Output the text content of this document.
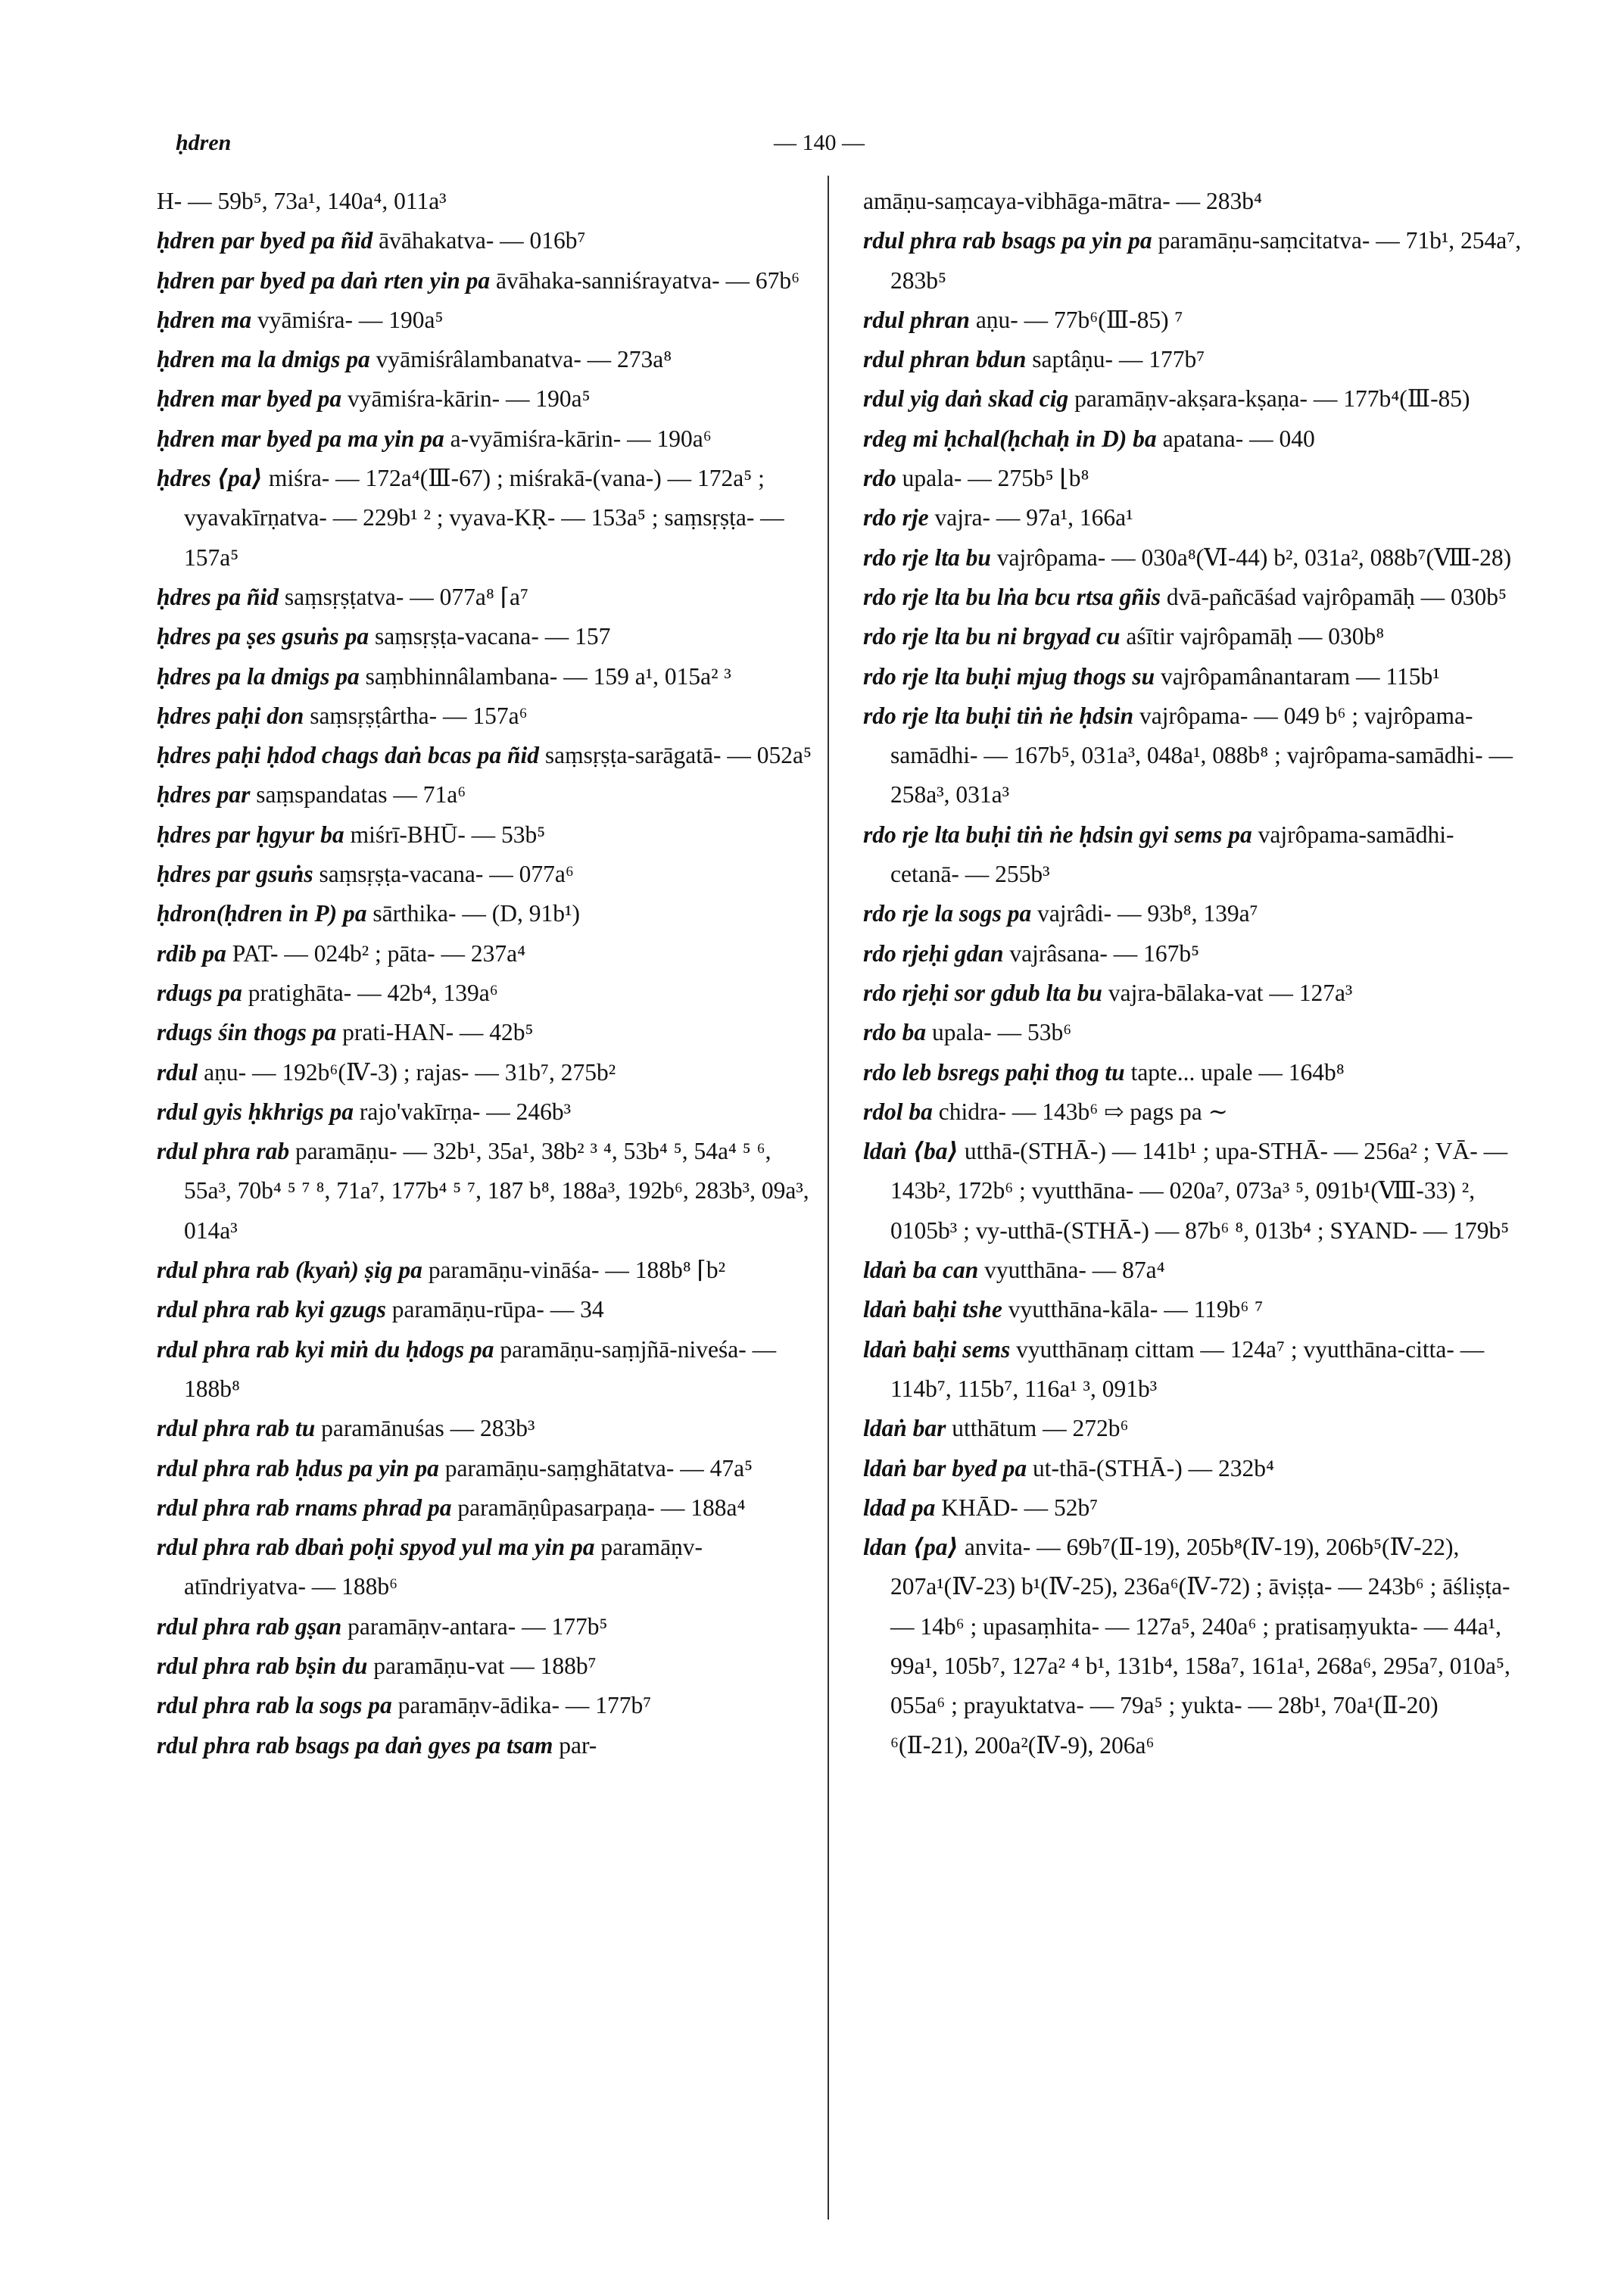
ḥdren	— 140 —
H- — 59b⁵, 73a¹, 140a⁴, 011a³
ḥdren par byed pa ñid āvāhakatva- — 016b⁷
ḥdren par byed pa daṅ rten yin pa āvāhaka-sanniśrayatva- — 67b⁶
ḥdren ma vyāmiśra- — 190a⁵
ḥdren ma la dmigs pa vyāmiśrâlambanatva- — 273a⁸
ḥdren mar byed pa vyāmiśra-kārin- — 190a⁵
ḥdren mar byed pa ma yin pa a-vyāmiśra-kārin- — 190a⁶
ḥdres ⟨pa⟩ miśra- — 172a⁴(Ⅲ-67) ; miśrakā-(vana-) — 172a⁵ ; vyavakīrṇatva- — 229b¹ ² ; vyava-KṚ- — 153a⁵ ; saṃsṛṣṭa- — 157a⁵
ḥdres pa ñid saṃsṛṣṭatva- — 077a⁸ ⌈a⁷
ḥdres pa ṣes gsuṅs pa saṃsṛṣṭa-vacana- — 157
ḥdres pa la dmigs pa saṃbhinnâlambana- — 159 a¹, 015a² ³
ḥdres paḥi don saṃsṛṣṭârtha- — 157a⁶
ḥdres paḥi ḥdod chags daṅ bcas pa ñid saṃsṛṣṭa-sarāgatā- — 052a⁵
ḥdres par saṃspandatas — 71a⁶
ḥdres par ḥgyur ba miśrī-BHŪ- — 53b⁵
ḥdres par gsuṅs saṃsṛṣṭa-vacana- — 077a⁶
ḥdron(ḥdren in P) pa sārthika- — (D, 91b¹)
rdib pa PAT- — 024b² ; pāta- — 237a⁴
rdugs pa pratighāta- — 42b⁴, 139a⁶
rdugs śin thogs pa prati-HAN- — 42b⁵
rdul aṇu- — 192b⁶(Ⅳ-3) ; rajas- — 31b⁷, 275b²
rdul gyis ḥkhrigs pa rajo'vakīrṇa- — 246b³
rdul phra rab paramāṇu- — 32b¹, 35a¹, 38b² ³ ⁴, 53b⁴ ⁵, 54a⁴ ⁵ ⁶, 55a³, 70b⁴ ⁵ ⁷ ⁸, 71a⁷, 177b⁴ ⁵ ⁷, 187 b⁸, 188a³, 192b⁶, 283b³, 09a³, 014a³
rdul phra rab (kyaṅ) ṣig pa paramāṇu-vināśa- — 188b⁸ ⌈b²
rdul phra rab kyi gzugs paramāṇu-rūpa- — 34
rdul phra rab kyi miṅ du ḥdogs pa paramāṇu-saṃjñā-niveśa- — 188b⁸
rdul phra rab tu paramānuśas — 283b³
rdul phra rab ḥdus pa yin pa paramāṇu-saṃghātatva- — 47a⁵
rdul phra rab rnams phrad pa paramāṇûpasarpaṇa- — 188a⁴
rdul phra rab dbaṅ poḥi spyod yul ma yin pa paramāṇv-atīndriyatva- — 188b⁶
rdul phra rab gṣan paramāṇv-antara- — 177b⁵
rdul phra rab bṣin du paramāṇu-vat — 188b⁷
rdul phra rab la sogs pa paramāṇv-ādika- — 177b⁷
rdul phra rab bsags pa daṅ gyes pa tsam par-
amāṇu-saṃcaya-vibhāga-mātra- — 283b⁴
rdul phra rab bsags pa yin pa paramāṇu-saṃcitatva- — 71b¹, 254a⁷, 283b⁵
rdul phran aṇu- — 77b⁶(Ⅲ-85) ⁷
rdul phran bdun saptâṇu- — 177b⁷
rdul yig daṅ skad cig paramāṇv-akṣara-kṣaṇa- — 177b⁴(Ⅲ-85)
rdeg mi ḥchal(ḥchaḥ in D) ba apatana- — 040
rdo upala- — 275b⁵ ⌊b⁸
rdo rje vajra- — 97a¹, 166a¹
rdo rje lta bu vajrôpama- — 030a⁸(Ⅵ-44) b², 031a², 088b⁷(Ⅷ-28)
rdo rje lta bu lṅa bcu rtsa gñis dvā-pañcāśad vajrôpamāḥ — 030b⁵
rdo rje lta bu ni brgyad cu aśītir vajrôpamāḥ — 030b⁸
rdo rje lta buḥi mjug thogs su vajrôpamânantaram — 115b¹
rdo rje lta buḥi tiṅ ṅe ḥdsin vajrôpama- — 049 b⁶ ; vajrôpama- samādhi- — 167b⁵, 031a³, 048a¹, 088b⁸ ; vajrôpama-samādhi- — 258a³, 031a³
rdo rje lta buḥi tiṅ ṅe ḥdsin gyi sems pa vajrôpama-samādhi-cetanā- — 255b³
rdo rje la sogs pa vajrâdi- — 93b⁸, 139a⁷
rdo rjeḥi gdan vajrâsana- — 167b⁵
rdo rjeḥi sor gdub lta bu vajra-bālaka-vat — 127a³
rdo ba upala- — 53b⁶
rdo leb bsregs paḥi thog tu tapte... upale — 164b⁸
rdol ba chidra- — 143b⁶ ⇨ pags pa ∼
ldaṅ ⟨ba⟩ utthā-(STHĀ-) — 141b¹ ; upa-STHĀ- — 256a² ; VĀ- — 143b², 172b⁶ ; vyutthāna- — 020a⁷, 073a³ ⁵, 091b¹(Ⅷ-33) ², 0105b³ ; vy-utthā-(STHĀ-) — 87b⁶ ⁸, 013b⁴ ; SYAND- — 179b⁵
ldaṅ ba can vyutthāna- — 87a⁴
ldaṅ baḥi tshe vyutthāna-kāla- — 119b⁶ ⁷
ldaṅ baḥi sems vyutthānaṃ cittam — 124a⁷ ; vyutthāna-citta- — 114b⁷, 115b⁷, 116a¹ ³, 091b³
ldaṅ bar utthātum — 272b⁶
ldaṅ bar byed pa ut-thā-(STHĀ-) — 232b⁴
ldad pa KHĀD- — 52b⁷
ldan ⟨pa⟩ anvita- — 69b⁷(Ⅱ-19), 205b⁸(Ⅳ-19), 206b⁵(Ⅳ-22), 207a¹(Ⅳ-23) b¹(Ⅳ-25), 236a⁶(Ⅳ-72) ; āviṣṭa- — 243b⁶ ; āśliṣṭa- — 14b⁶ ; upasaṃhita- — 127a⁵, 240a⁶ ; pratisaṃyukta- — 44a¹, 99a¹, 105b⁷, 127a² ⁴ b¹, 131b⁴, 158a⁷, 161a¹, 268a⁶, 295a⁷, 010a⁵, 055a⁶ ; prayuktatva- — 79a⁵ ; yukta- — 28b¹, 70a¹(Ⅱ-20) ⁶(Ⅱ-21), 200a²(Ⅳ-9), 206a⁶
